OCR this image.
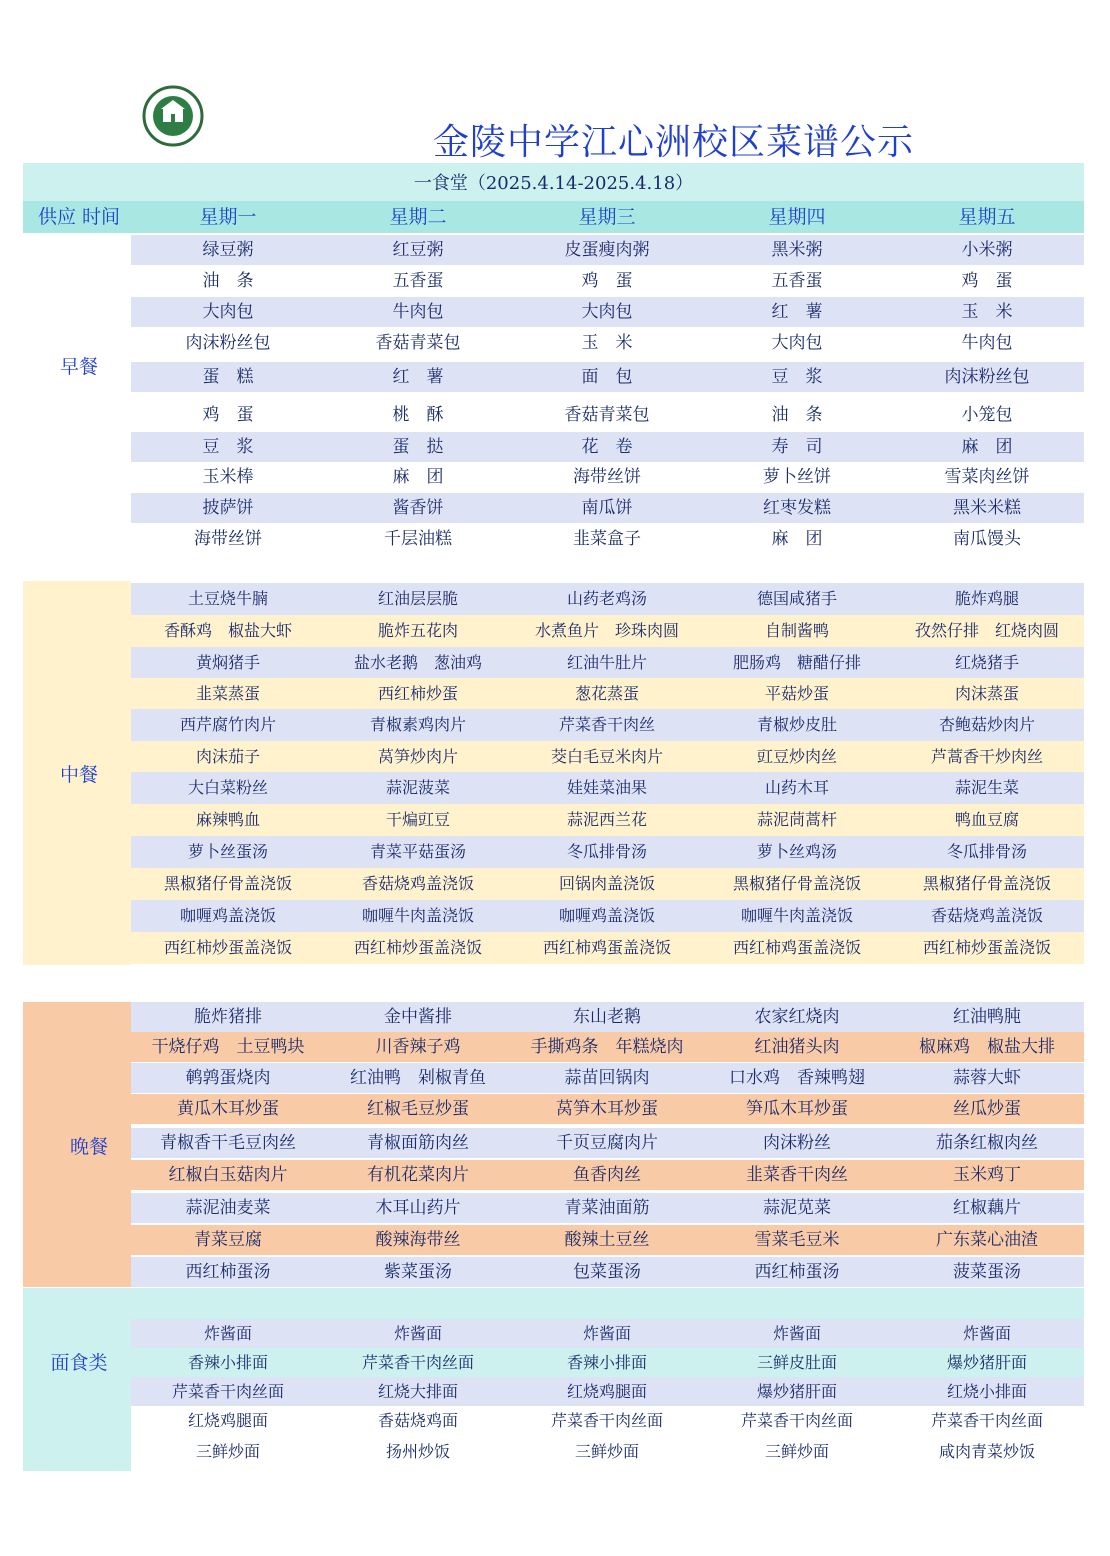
金陵中学江心洲校区菜谱公示
一食堂（2025.4.14-2025.4.18）
供应 时间	星期一	星期二	星期三	星期四	星期五
早餐
绿豆粥	红豆粥	皮蛋瘦肉粥	黑米粥	小米粥
油　条	五香蛋	鸡　蛋	五香蛋	鸡　蛋
大肉包	牛肉包	大肉包	红　薯	玉　米
肉沫粉丝包	香菇青菜包	玉　米	大肉包	牛肉包
蛋　糕	红　薯	面　包	豆　浆	肉沫粉丝包
鸡　蛋	桃　酥	香菇青菜包	油　条	小笼包
豆　浆	蛋　挞	花　卷	寿　司	麻　团
玉米棒	麻　团	海带丝饼	萝卜丝饼	雪菜肉丝饼
披萨饼	酱香饼	南瓜饼	红枣发糕	黑米米糕
海带丝饼	千层油糕	韭菜盒子	麻　团	南瓜馒头
中餐
土豆烧牛腩	红油层层脆	山药老鸡汤	德国咸猪手	脆炸鸡腿
香酥鸡　椒盐大虾	脆炸五花肉	水煮鱼片　珍珠肉圆	自制酱鸭	孜然仔排　红烧肉圆
黄焖猪手	盐水老鹅　葱油鸡	红油牛肚片	肥肠鸡　糖醋仔排	红烧猪手
韭菜蒸蛋	西红柿炒蛋	葱花蒸蛋	平菇炒蛋	肉沫蒸蛋
西芹腐竹肉片	青椒素鸡肉片	芹菜香干肉丝	青椒炒皮肚	杏鲍菇炒肉片
肉沫茄子	莴笋炒肉片	茭白毛豆米肉片	豇豆炒肉丝	芦蒿香干炒肉丝
大白菜粉丝	蒜泥菠菜	娃娃菜油果	山药木耳	蒜泥生菜
麻辣鸭血	干煸豇豆	蒜泥西兰花	蒜泥茼蒿杆	鸭血豆腐
萝卜丝蛋汤	青菜平菇蛋汤	冬瓜排骨汤	萝卜丝鸡汤	冬瓜排骨汤
黑椒猪仔骨盖浇饭	香菇烧鸡盖浇饭	回锅肉盖浇饭	黑椒猪仔骨盖浇饭	黑椒猪仔骨盖浇饭
咖喱鸡盖浇饭	咖喱牛肉盖浇饭	咖喱鸡盖浇饭	咖喱牛肉盖浇饭	香菇烧鸡盖浇饭
西红柿炒蛋盖浇饭	西红柿炒蛋盖浇饭	西红柿鸡蛋盖浇饭	西红柿鸡蛋盖浇饭	西红柿炒蛋盖浇饭
晚餐
脆炸猪排	金中酱排	东山老鹅	农家红烧肉	红油鸭肫
干烧仔鸡　土豆鸭块	川香辣子鸡	手撕鸡条　年糕烧肉	红油猪头肉	椒麻鸡　椒盐大排
鹌鹑蛋烧肉	红油鸭　剁椒青鱼	蒜苗回锅肉	口水鸡　香辣鸭翅	蒜蓉大虾
黄瓜木耳炒蛋	红椒毛豆炒蛋	莴笋木耳炒蛋	笋瓜木耳炒蛋	丝瓜炒蛋
青椒香干毛豆肉丝	青椒面筋肉丝	千页豆腐肉片	肉沫粉丝	茄条红椒肉丝
红椒白玉菇肉片	有机花菜肉片	鱼香肉丝	韭菜香干肉丝	玉米鸡丁
蒜泥油麦菜	木耳山药片	青菜油面筋	蒜泥苋菜	红椒藕片
青菜豆腐	酸辣海带丝	酸辣土豆丝	雪菜毛豆米	广东菜心油渣
西红柿蛋汤	紫菜蛋汤	包菜蛋汤	西红柿蛋汤	菠菜蛋汤
面食类
炸酱面	炸酱面	炸酱面	炸酱面	炸酱面
香辣小排面	芹菜香干肉丝面	香辣小排面	三鲜皮肚面	爆炒猪肝面
芹菜香干肉丝面	红烧大排面	红烧鸡腿面	爆炒猪肝面	红烧小排面
红烧鸡腿面	香菇烧鸡面	芹菜香干肉丝面	芹菜香干肉丝面	芹菜香干肉丝面
三鲜炒面	扬州炒饭	三鲜炒面	三鲜炒面	咸肉青菜炒饭
